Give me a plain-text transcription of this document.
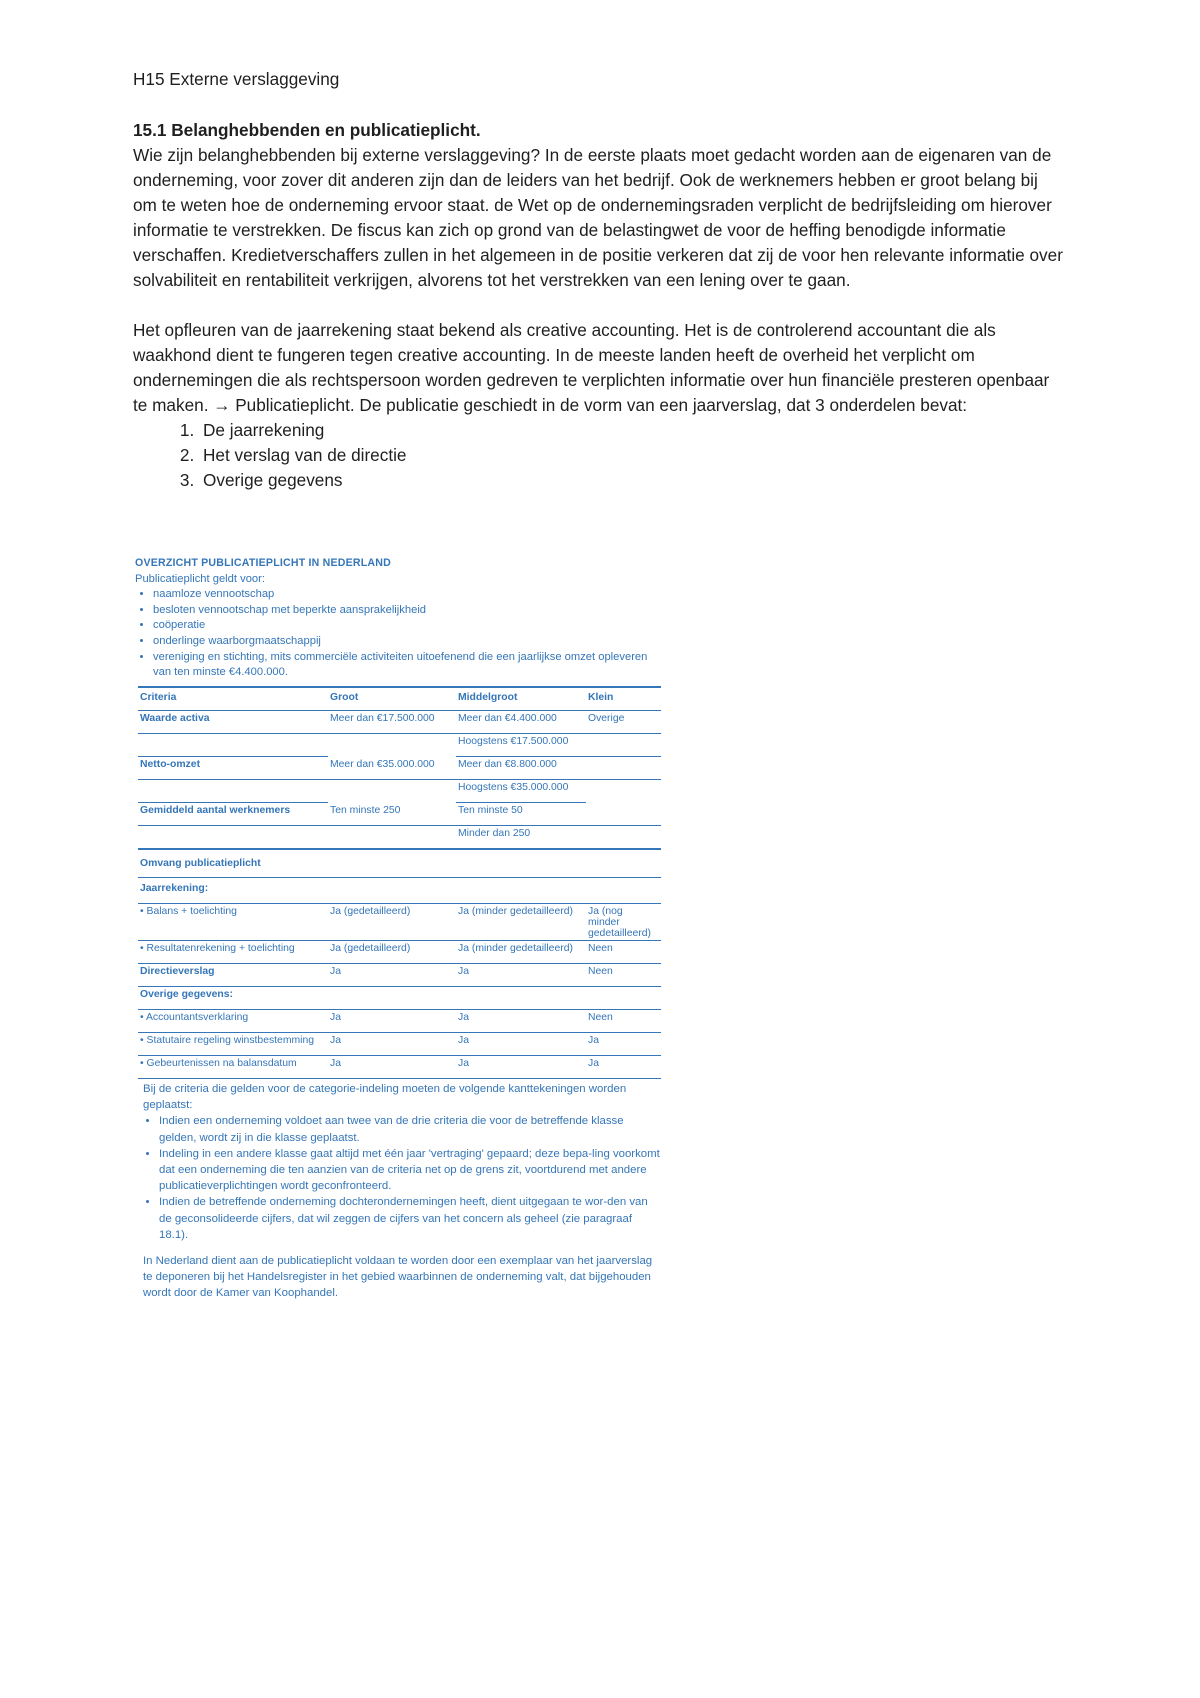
H15 Externe verslaggeving

15.1 Belanghebbenden en publicatieplicht.

Wie zijn belanghebbenden bij externe verslaggeving? In de eerste plaats moet gedacht worden aan de eigenaren van de onderneming, voor zover dit anderen zijn dan de leiders van het bedrijf. Ook de werknemers hebben er groot belang bij om te weten hoe de onderneming ervoor staat. de Wet op de ondernemingsraden verplicht de bedrijfsleiding om hierover informatie te verstrekken. De fiscus kan zich op grond van de belastingwet de voor de heffing benodigde informatie verschaffen. Kredietverschaffers zullen in het algemeen in de positie verkeren dat zij de voor hen relevante informatie over solvabiliteit en rentabiliteit verkrijgen, alvorens tot het verstrekken van een lening over te gaan.

Het opfleuren van de jaarrekening staat bekend als creative accounting. Het is de controlerend accountant die als waakhond dient te fungeren tegen creative accounting. In de meeste landen heeft de overheid het verplicht om ondernemingen die als rechtspersoon worden gedreven te verplichten informatie over hun financiële presteren openbaar te maken. → Publicatieplicht. De publicatie geschiedt in de vorm van een jaarverslag, dat 3 onderdelen bevat:

1. De jaarrekening
2. Het verslag van de directie
3. Overige gegevens
OVERZICHT PUBLICATIEPLICHT IN NEDERLAND
Publicatieplicht geldt voor:
• naamloze vennootschap
• besloten vennootschap met beperkte aansprakelijkheid
• coöperatie
• onderlinge waarborgmaatschappij
• vereniging en stichting, mits commerciële activiteiten uitoefenend die een jaarlijkse omzet opleveren van ten minste €4.400.000.
Criteria	Groot	Middelgroot	Klein
Waarde activa	Meer dan €17.500.000	Meer dan €4.400.000	Overige
		Hoogstens €17.500.000	
Netto-omzet	Meer dan €35.000.000	Meer dan €8.800.000	
		Hoogstens €35.000.000	
Gemiddeld aantal werknemers	Ten minste 250	Ten minste 50	
		Minder dan 250	
Omvang publicatieplicht			
Jaarrekening:			
• Balans + toelichting	Ja (gedetailleerd)	Ja (minder gedetailleerd)	Ja (nog minder gedetailleerd)
• Resultatenrekening + toelichting	Ja (gedetailleerd)	Ja (minder gedetailleerd)	Neen
Directieverslag	Ja	Ja	Neen
Overige gegevens:			
• Accountantsverklaring	Ja	Ja	Neen
• Statutaire regeling winstbestemming	Ja	Ja	Ja
• Gebeurtenissen na balansdatum	Ja	Ja	Ja

Bij de criteria die gelden voor de categorie-indeling moeten de volgende kanttekeningen worden geplaatst:

• Indien een onderneming voldoet aan twee van de drie criteria die voor de betreffende klasse gelden, wordt zij in die klasse geplaatst.
• Indeling in een andere klasse gaat altijd met één jaar 'vertraging' gepaard; deze bepa-ling voorkomt dat een onderneming die ten aanzien van de criteria net op de grens zit, voortdurend met andere publicatieverplichtingen wordt geconfronteerd.
• Indien de betreffende onderneming dochterondernemingen heeft, dient uitgegaan te wor-den van de geconsolideerde cijfers, dat wil zeggen de cijfers van het concern als geheel (zie paragraaf 18.1).

In Nederland dient aan de publicatieplicht voldaan te worden door een exemplaar van het jaarverslag te deponeren bij het Handelsregister in het gebied waarbinnen de onderneming valt, dat bijgehouden wordt door de Kamer van Koophandel.
